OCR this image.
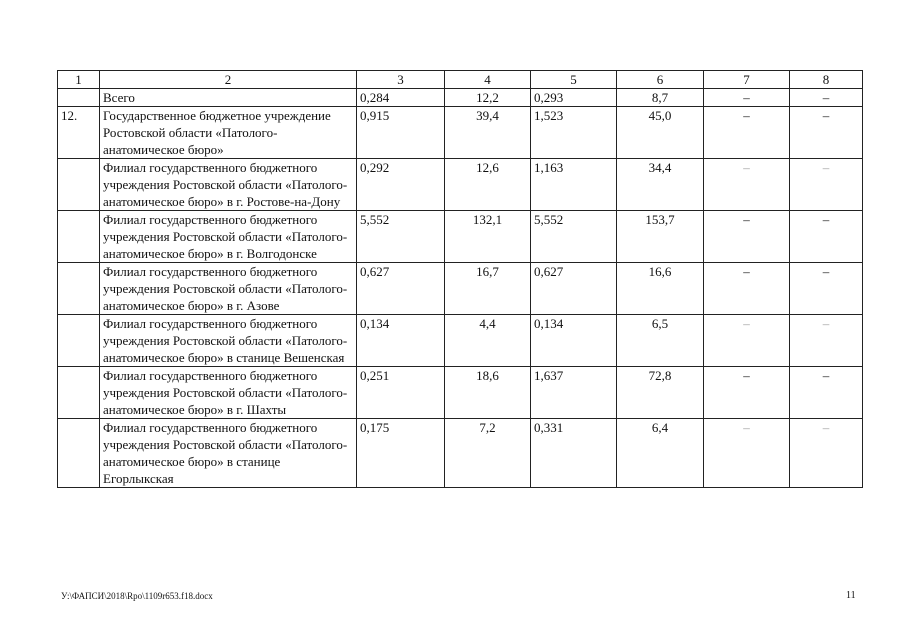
1	2	3	4	5	6	7	8
	Всего	0,284	12,2	0,293	8,7	–	–
12.	Государственное бюджетное учреждение Ростовской области «Патолого-анатомическое бюро»	0,915	39,4	1,523	45,0	–	–
	Филиал государственного бюджетного учреждения Ростовской области «Патолого-анатомическое бюро» в г. Ростове-на-Дону	0,292	12,6	1,163	34,4	–	–
	Филиал государственного бюджетного учреждения Ростовской области «Патолого-анатомическое бюро» в г. Волгодонске	5,552	132,1	5,552	153,7	–	–
	Филиал государственного бюджетного учреждения Ростовской области «Патолого-анатомическое бюро» в г. Азове	0,627	16,7	0,627	16,6	–	–
	Филиал государственного бюджетного учреждения Ростовской области «Патолого-анатомическое бюро» в станице Вешенская	0,134	4,4	0,134	6,5	–	–
	Филиал государственного бюджетного учреждения Ростовской области «Патолого-анатомическое бюро» в г. Шахты	0,251	18,6	1,637	72,8	–	–
	Филиал государственного бюджетного учреждения Ростовской области «Патолого-анатомическое бюро» в станице Егорлыкская	0,175	7,2	0,331	6,4	–	–
У:\ФАПСИ\2018\Rpo\1109r653.f18.docx	11
